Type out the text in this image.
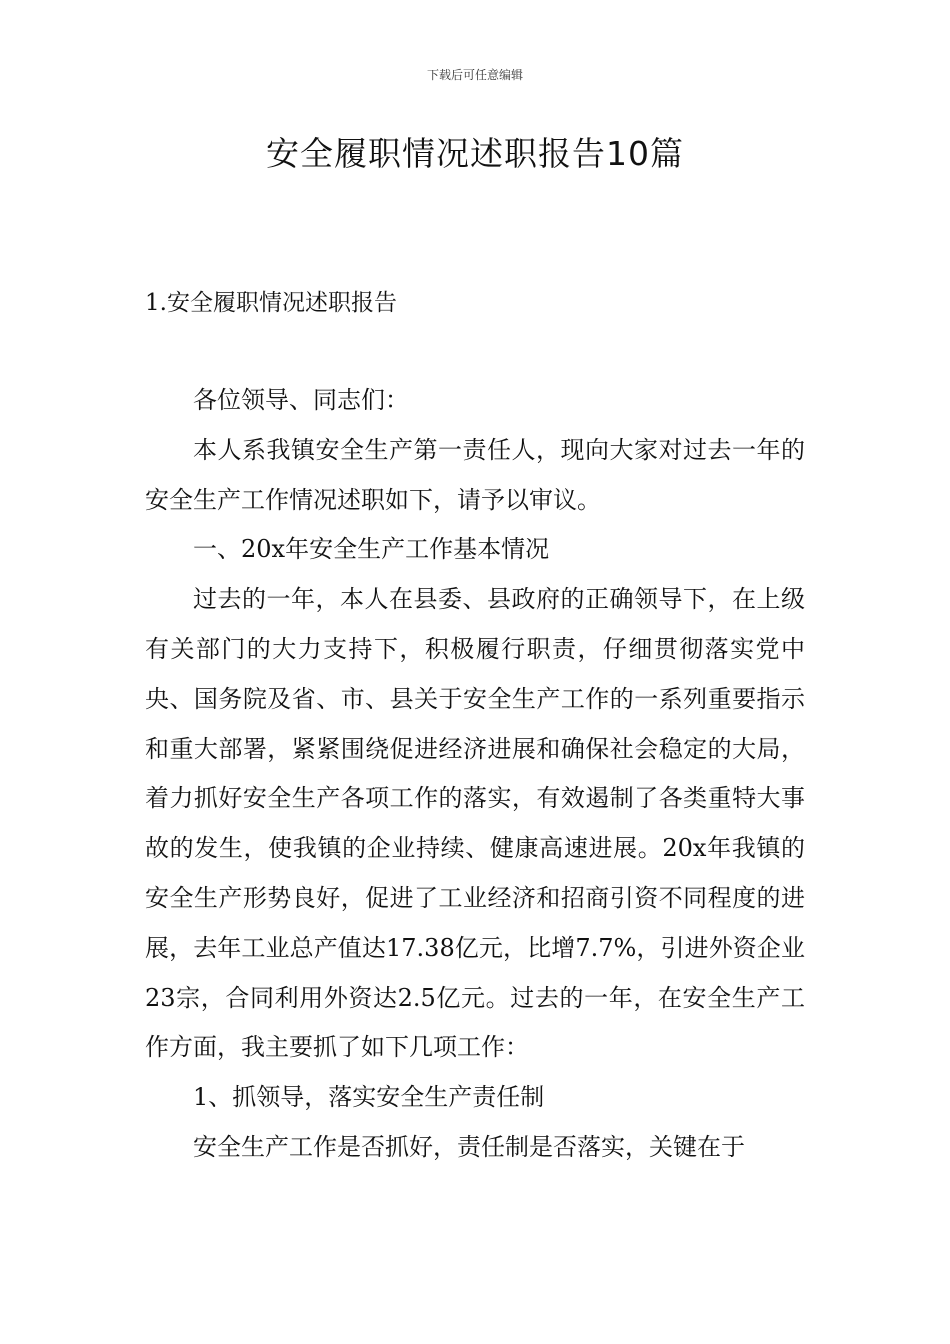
下载后可任意编辑
安全履职情况述职报告10篇
1.安全履职情况述职报告

各位领导、同志们：

本人系我镇安全生产第一责任人，现向大家对过去一年的安全生产工作情况述职如下，请予以审议。

一、20x年安全生产工作基本情况

过去的一年，本人在县委、县政府的正确领导下，在上级有关部门的大力支持下，积极履行职责，仔细贯彻落实党中央、国务院及省、市、县关于安全生产工作的一系列重要指示和重大部署，紧紧围绕促进经济进展和确保社会稳定的大局，着力抓好安全生产各项工作的落实，有效遏制了各类重特大事故的发生，使我镇的企业持续、健康高速进展。20x年我镇的安全生产形势良好，促进了工业经济和招商引资不同程度的进展，去年工业总产值达17.38亿元，比增7.7%，引进外资企业23宗，合同利用外资达2.5亿元。过去的一年，在安全生产工作方面，我主要抓了如下几项工作：

1、抓领导，落实安全生产责任制

安全生产工作是否抓好，责任制是否落实，关键在于
